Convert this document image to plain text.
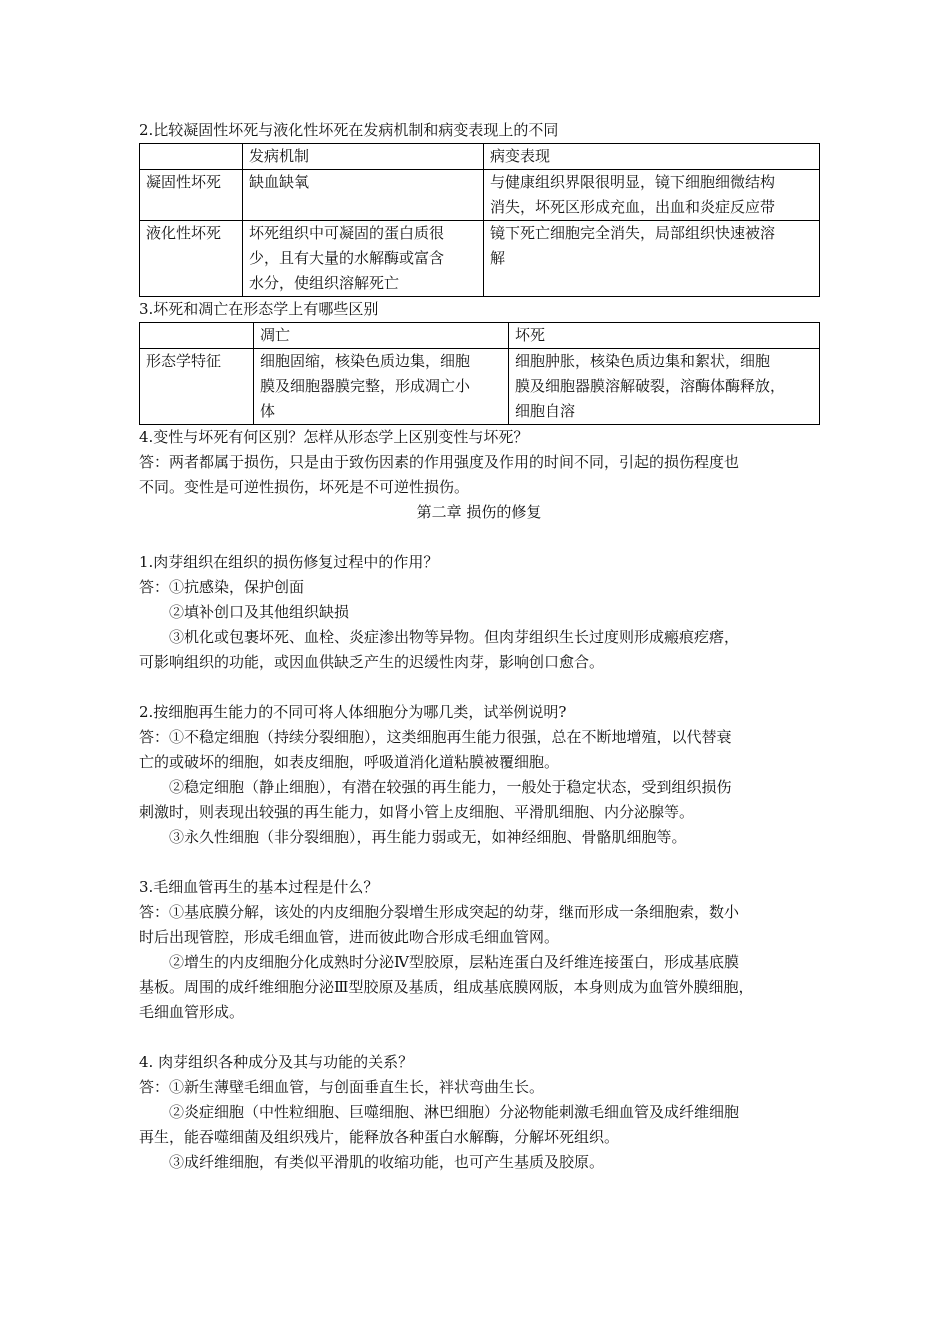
2.比较凝固性坏死与液化性坏死在发病机制和病变表现上的不同
	发病机制	病变表现
凝固性坏死	缺血缺氧	与健康组织界限很明显，镜下细胞细微结构
消失，坏死区形成充血，出血和炎症反应带

液化性坏死	坏死组织中可凝固的蛋白质很
少，且有大量的水解酶或富含
水分，使组织溶解死亡	镜下死亡细胞完全消失，局部组织快速被溶
解
3.坏死和凋亡在形态学上有哪些区别
	凋亡	坏死
形态学特征	细胞固缩，核染色质边集，细胞
膜及细胞器膜完整，形成凋亡小
体	细胞肿胀，核染色质边集和絮状，细胞
膜及细胞器膜溶解破裂，溶酶体酶释放，
细胞自溶
4.变性与坏死有何区别？怎样从形态学上区别变性与坏死？
答：两者都属于损伤，只是由于致伤因素的作用强度及作用的时间不同，引起的损伤程度也
不同。变性是可逆性损伤，坏死是不可逆性损伤。
第二章 损伤的修复
1.肉芽组织在组织的损伤修复过程中的作用？
答：①抗感染，保护创面
②填补创口及其他组织缺损
③机化或包裹坏死、血栓、炎症渗出物等异物。但肉芽组织生长过度则形成瘢痕疙瘩，
可影响组织的功能，或因血供缺乏产生的迟缓性肉芽，影响创口愈合。
2.按细胞再生能力的不同可将人体细胞分为哪几类，试举例说明?
答：①不稳定细胞（持续分裂细胞），这类细胞再生能力很强，总在不断地增殖，以代替衰
亡的或破坏的细胞，如表皮细胞，呼吸道消化道粘膜被覆细胞。
②稳定细胞（静止细胞），有潜在较强的再生能力，一般处于稳定状态，受到组织损伤
刺激时，则表现出较强的再生能力，如肾小管上皮细胞、平滑肌细胞、内分泌腺等。
③永久性细胞（非分裂细胞），再生能力弱或无，如神经细胞、骨骼肌细胞等。
3.毛细血管再生的基本过程是什么？
答：①基底膜分解，该处的内皮细胞分裂增生形成突起的幼芽，继而形成一条细胞索，数小
时后出现管腔，形成毛细血管，进而彼此吻合形成毛细血管网。
②增生的内皮细胞分化成熟时分泌Ⅳ型胶原，层粘连蛋白及纤维连接蛋白，形成基底膜
基板。周围的成纤维细胞分泌Ⅲ型胶原及基质，组成基底膜网版，本身则成为血管外膜细胞，
毛细血管形成。
4. 肉芽组织各种成分及其与功能的关系？
答：①新生薄壁毛细血管，与创面垂直生长，袢状弯曲生长。
②炎症细胞（中性粒细胞、巨噬细胞、淋巴细胞）分泌物能刺激毛细血管及成纤维细胞
再生，能吞噬细菌及组织残片，能释放各种蛋白水解酶，分解坏死组织。
③成纤维细胞，有类似平滑肌的收缩功能，也可产生基质及胶原。
